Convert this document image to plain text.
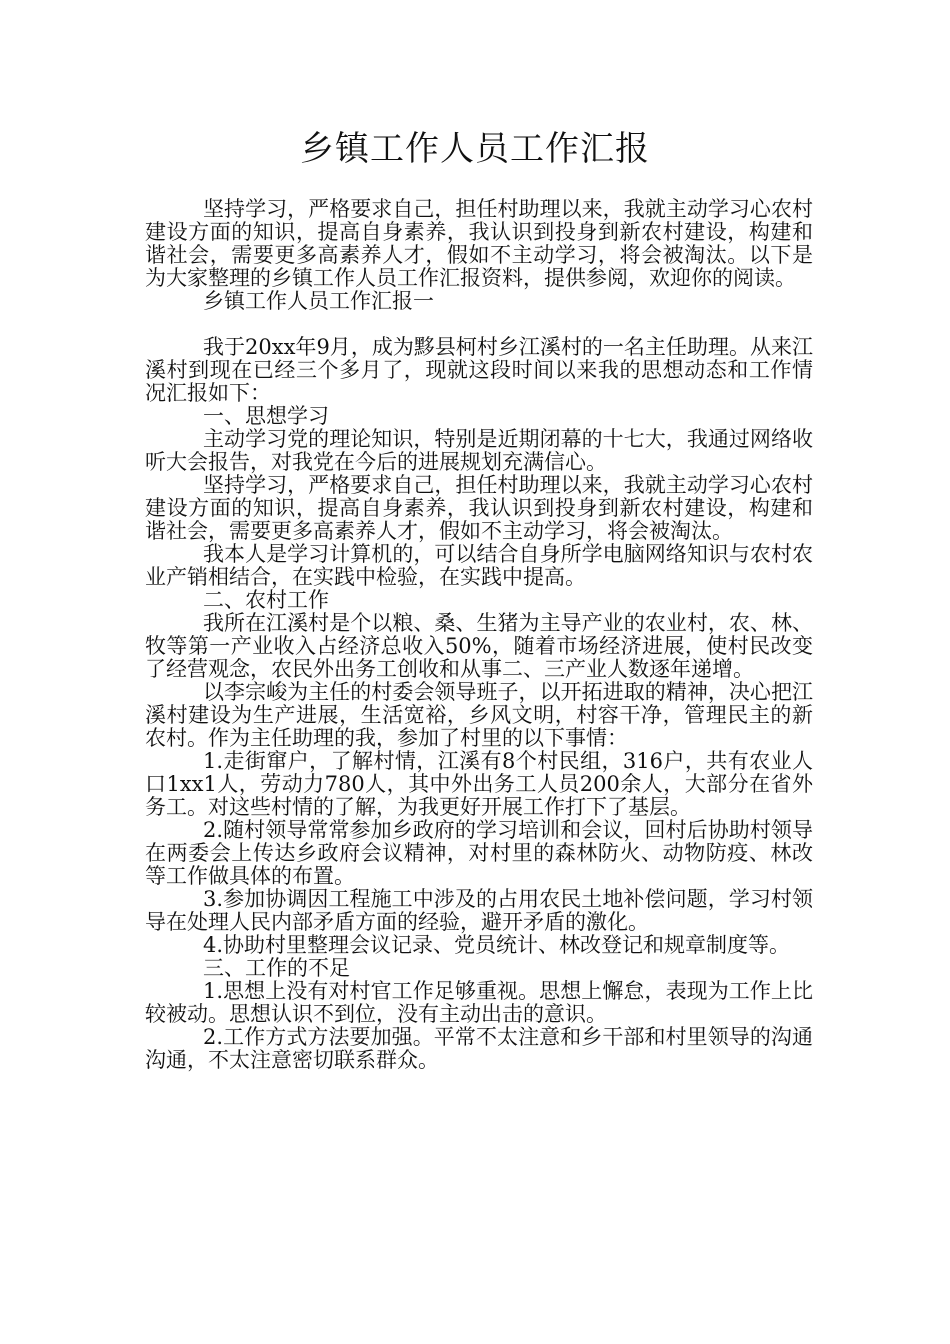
乡镇工作人员工作汇报

坚持学习，严格要求自己，担任村助理以来，我就主动学习心农村建设方面的知识，提高自身素养，我认识到投身到新农村建设，构建和谐社会，需要更多高素养人才，假如不主动学习，将会被淘汰。以下是为大家整理的乡镇工作人员工作汇报资料，提供参阅，欢迎你的阅读。

乡镇工作人员工作汇报一

我于20xx年9月，成为黟县柯村乡江溪村的一名主任助理。从来江溪村到现在已经三个多月了，现就这段时间以来我的思想动态和工作情况汇报如下：

一、思想学习

主动学习党的理论知识，特别是近期闭幕的十七大，我通过网络收听大会报告，对我党在今后的进展规划充满信心。

坚持学习，严格要求自己，担任村助理以来，我就主动学习心农村建设方面的知识，提高自身素养，我认识到投身到新农村建设，构建和谐社会，需要更多高素养人才，假如不主动学习，将会被淘汰。

我本人是学习计算机的，可以结合自身所学电脑网络知识与农村农业产销相结合，在实践中检验，在实践中提高。

二、农村工作

我所在江溪村是个以粮、桑、生猪为主导产业的农业村，农、林、牧等第一产业收入占经济总收入50%，随着市场经济进展，使村民改变了经营观念，农民外出务工创收和从事二、三产业人数逐年递增。

以李宗峻为主任的村委会领导班子，以开拓进取的精神，决心把江溪村建设为生产进展，生活宽裕，乡风文明，村容干净，管理民主的新农村。作为主任助理的我，参加了村里的以下事情：

1.走街窜户，了解村情，江溪有8个村民组，316户，共有农业人口1xx1人，劳动力780人，其中外出务工人员200余人，大部分在省外务工。对这些村情的了解，为我更好开展工作打下了基层。

2.随村领导常常参加乡政府的学习培训和会议，回村后协助村领导在两委会上传达乡政府会议精神，对村里的森林防火、动物防疫、林改等工作做具体的布置。

3.参加协调因工程施工中涉及的占用农民土地补偿问题，学习村领导在处理人民内部矛盾方面的经验，避开矛盾的激化。

4.协助村里整理会议记录、党员统计、林改登记和规章制度等。

三、工作的不足

1.思想上没有对村官工作足够重视。思想上懈怠，表现为工作上比较被动。思想认识不到位，没有主动出击的意识。

2.工作方式方法要加强。平常不太注意和乡干部和村里领导的沟通沟通，不太注意密切联系群众。
